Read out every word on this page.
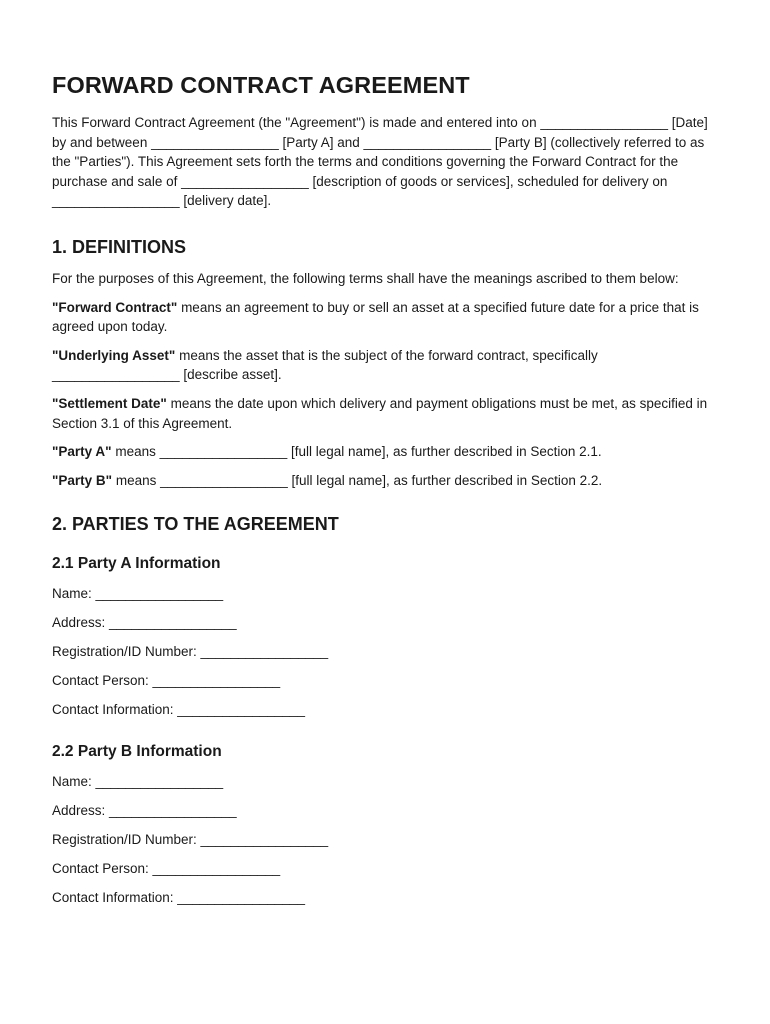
FORWARD CONTRACT AGREEMENT

This Forward Contract Agreement (the "Agreement") is made and entered into on _________________ [Date] by and between _________________ [Party A] and _________________ [Party B] (collectively referred to as the "Parties"). This Agreement sets forth the terms and conditions governing the Forward Contract for the purchase and sale of _________________ [description of goods or services], scheduled for delivery on _________________ [delivery date].

1. DEFINITIONS

For the purposes of this Agreement, the following terms shall have the meanings ascribed to them below:

"Forward Contract" means an agreement to buy or sell an asset at a specified future date for a price that is agreed upon today.

"Underlying Asset" means the asset that is the subject of the forward contract, specifically _________________ [describe asset].

"Settlement Date" means the date upon which delivery and payment obligations must be met, as specified in Section 3.1 of this Agreement.

"Party A" means _________________ [full legal name], as further described in Section 2.1.

"Party B" means _________________ [full legal name], as further described in Section 2.2.

2. PARTIES TO THE AGREEMENT
2.1 Party A Information

Name: _________________

Address: _________________

Registration/ID Number: _________________

Contact Person: _________________

Contact Information: _________________

2.2 Party B Information

Name: _________________

Address: _________________

Registration/ID Number: _________________

Contact Person: _________________

Contact Information: _________________
